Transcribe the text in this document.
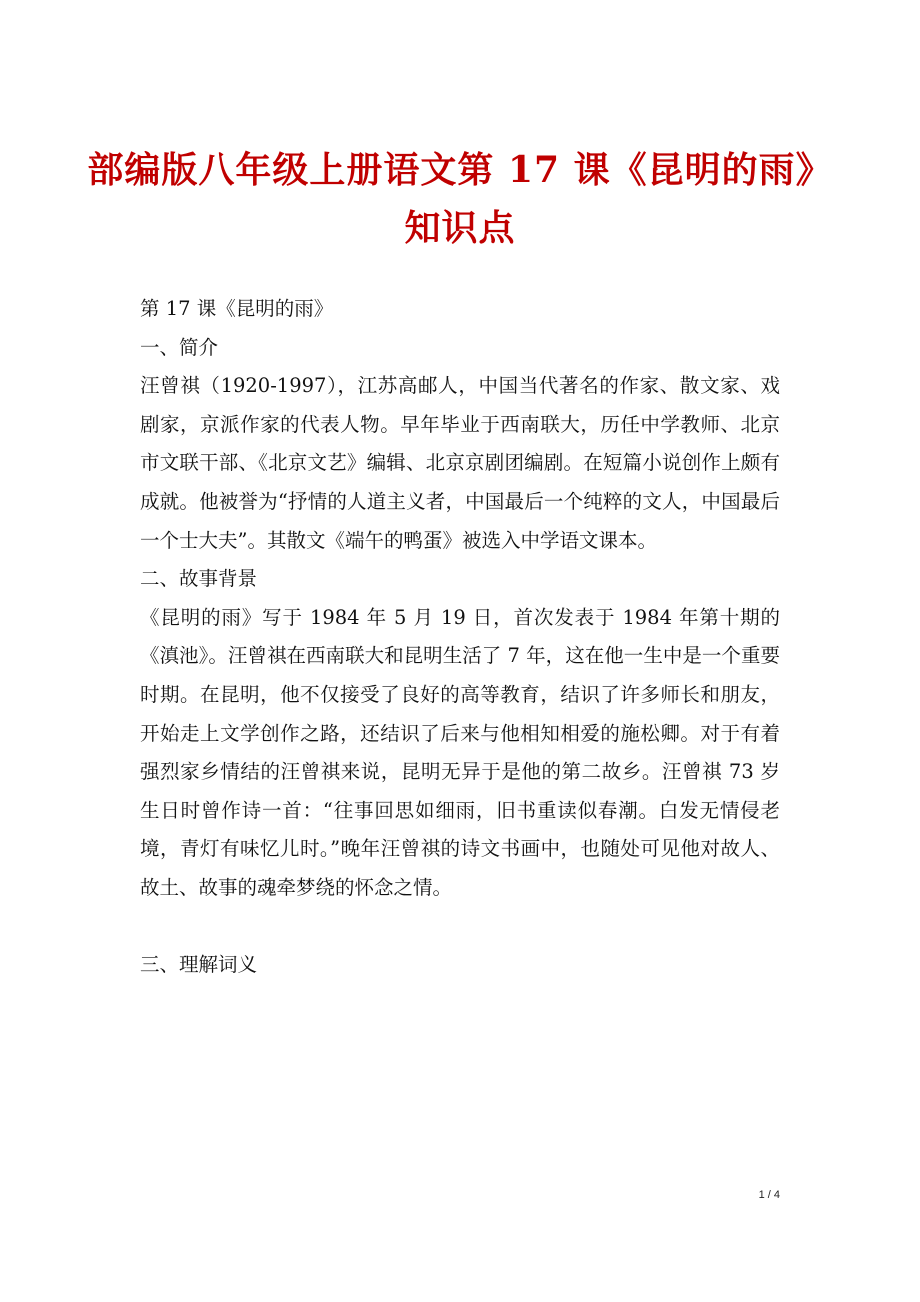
部编版八年级上册语文第 17 课《昆明的雨》
知识点

第 17 课《昆明的雨》

一、简介

汪曾祺（1920-1997），江苏高邮人，中国当代著名的作家、散文家、戏剧家，京派作家的代表人物。早年毕业于西南联大，历任中学教师、北京市文联干部、《北京文艺》编辑、北京京剧团编剧。在短篇小说创作上颇有成就。他被誉为“抒情的人道主义者，中国最后一个纯粹的文人，中国最后一个士大夫”。其散文《端午的鸭蛋》被选入中学语文课本。

二、故事背景

《昆明的雨》写于 1984 年 5 月 19 日，首次发表于 1984 年第十期的《滇池》。汪曾祺在西南联大和昆明生活了 7 年，这在他一生中是一个重要时期。在昆明，他不仅接受了良好的高等教育，结识了许多师长和朋友，开始走上文学创作之路，还结识了后来与他相知相爱的施松卿。对于有着强烈家乡情结的汪曾祺来说，昆明无异于是他的第二故乡。汪曾祺 73 岁生日时曾作诗一首：“往事回思如细雨，旧书重读似春潮。白发无情侵老境，青灯有味忆儿时。”晚年汪曾祺的诗文书画中，也随处可见他对故人、故土、故事的魂牵梦绕的怀念之情。

三、理解词义

1 / 4
